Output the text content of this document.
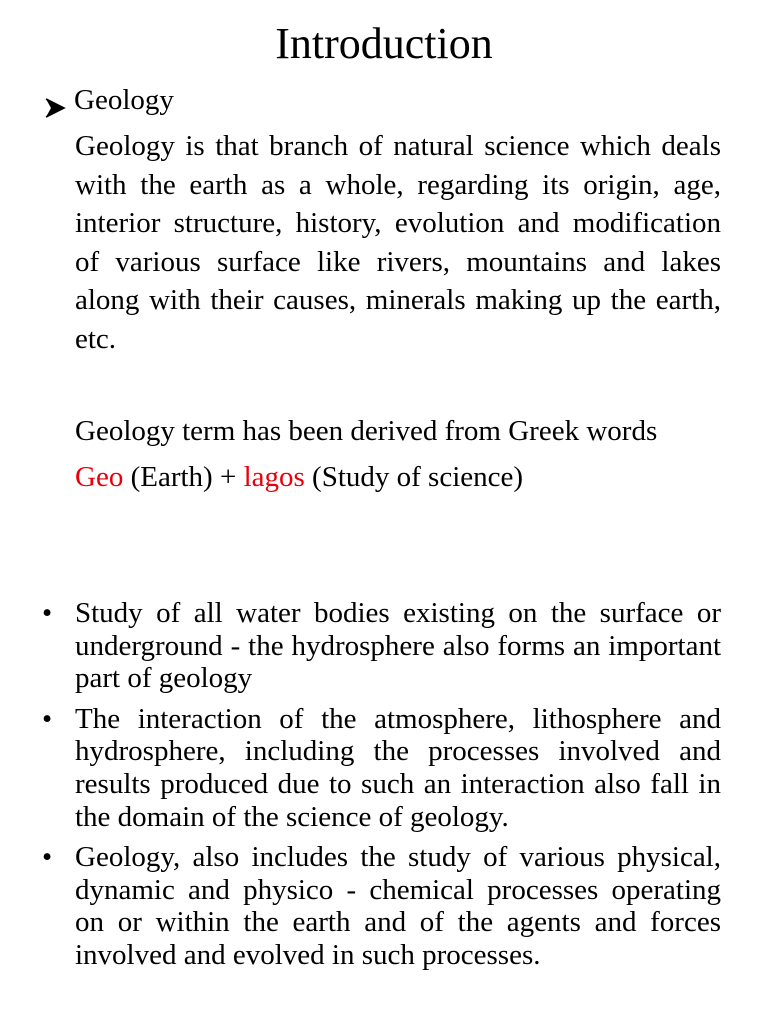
Introduction
Geology
Geology is that branch of natural science which deals with the earth as a whole, regarding its origin, age, interior structure, history, evolution and modification of various surface like rivers, mountains and lakes along with their causes, minerals making up the earth, etc.
Geology term has been derived from Greek words
Geo (Earth) + lagos (Study of science)
• Study of all water bodies existing on the surface or underground - the hydrosphere also forms an important part of geology
• The interaction of the atmosphere, lithosphere and hydrosphere, including the processes involved and results produced due to such an interaction also fall in the domain of the science of geology.
• Geology, also includes the study of various physical, dynamic and physico - chemical processes operating on or within the earth and of the agents and forces involved and evolved in such processes.
